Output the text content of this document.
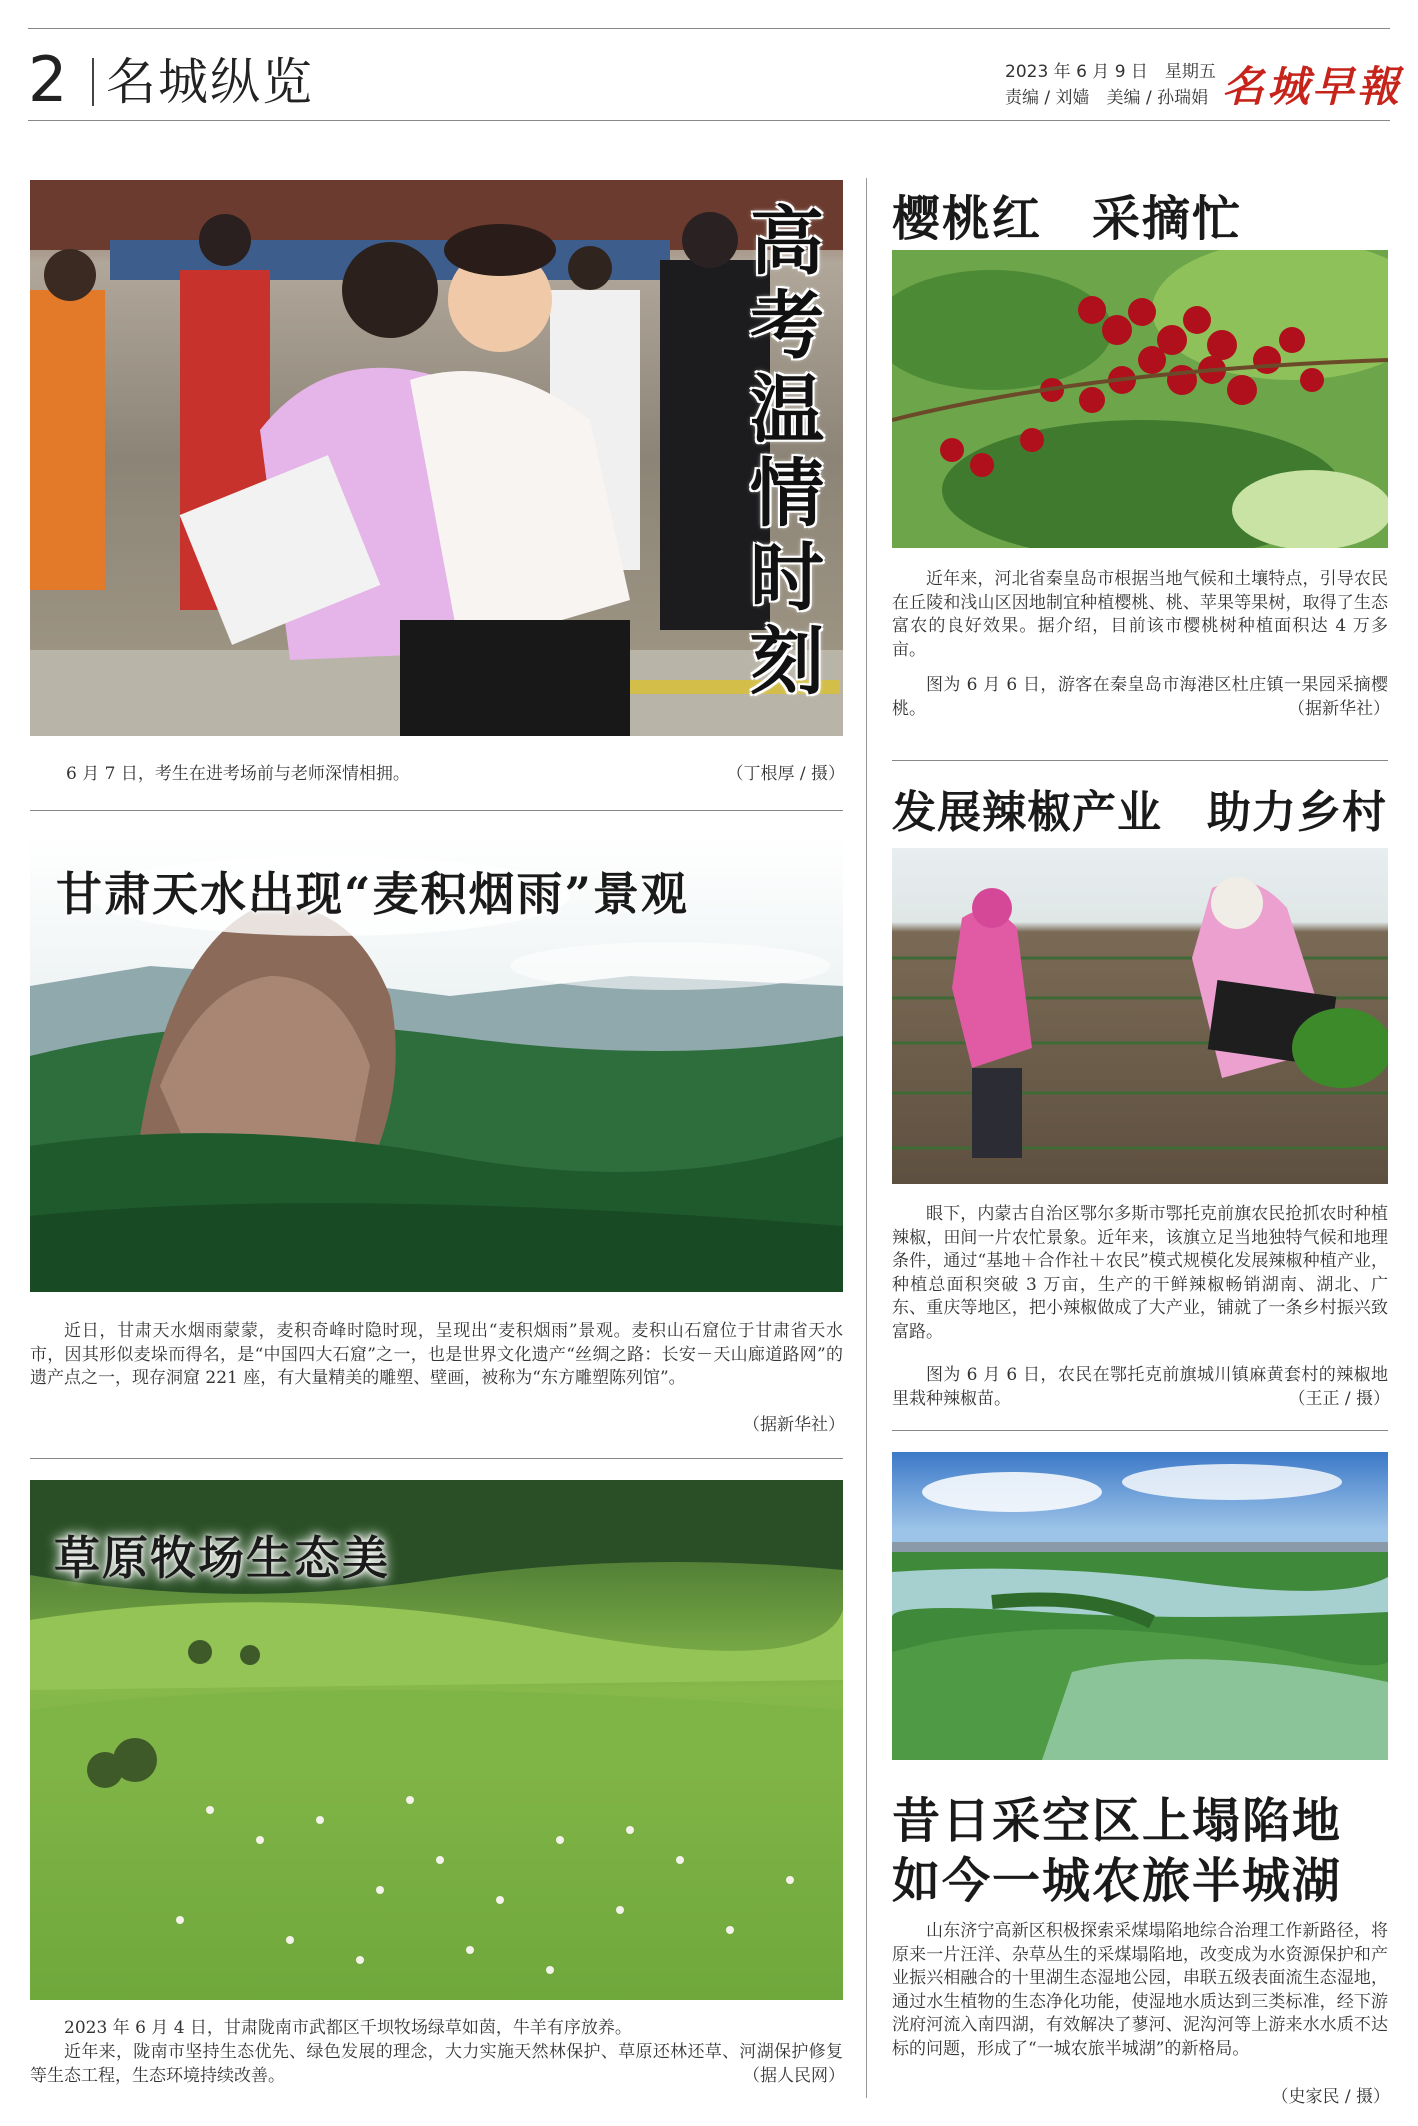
2 名城纵览	2023 年 6 月 9 日　星期五
责编 / 刘嫱　美编 / 孙瑞娟 名城早報
高
考
温
情
时
刻
6 月 7 日，考生在进考场前与老师深情相拥。	（丁根厚 / 摄）
甘肃天水出现“麦积烟雨”景观
近日，甘肃天水烟雨蒙蒙，麦积奇峰时隐时现，呈现出“麦积烟雨”景观。麦积山石窟位于甘肃省天水市，因其形似麦垛而得名，是“中国四大石窟”之一，也是世界文化遗产“丝绸之路：长安－天山廊道路网”的遗产点之一，现存洞窟 221 座，有大量精美的雕塑、壁画，被称为“东方雕塑陈列馆”。
（据新华社）
草原牧场生态美
2023 年 6 月 4 日，甘肃陇南市武都区千坝牧场绿草如茵，牛羊有序放养。
近年来，陇南市坚持生态优先、绿色发展的理念，大力实施天然林保护、草原还林还草、河湖保护修复等生态工程，生态环境持续改善。	（据人民网）
樱桃红　采摘忙
近年来，河北省秦皇岛市根据当地气候和土壤特点，引导农民在丘陵和浅山区因地制宜种植樱桃、桃、苹果等果树，取得了生态富农的良好效果。据介绍，目前该市樱桃树种植面积达 4 万多亩。
图为 6 月 6 日，游客在秦皇岛市海港区杜庄镇一果园采摘樱桃。	（据新华社）
发展辣椒产业　助力乡村
眼下，内蒙古自治区鄂尔多斯市鄂托克前旗农民抢抓农时种植辣椒，田间一片农忙景象。近年来，该旗立足当地独特气候和地理条件，通过“基地＋合作社＋农民”模式规模化发展辣椒种植产业，种植总面积突破 3 万亩，生产的干鲜辣椒畅销湖南、湖北、广东、重庆等地区，把小辣椒做成了大产业，铺就了一条乡村振兴致富路。
图为 6 月 6 日，农民在鄂托克前旗城川镇麻黄套村的辣椒地里栽种辣椒苗。	（王正 / 摄）
昔日采空区上塌陷地
如今一城农旅半城湖
山东济宁高新区积极探索采煤塌陷地综合治理工作新路径，将原来一片汪洋、杂草丛生的采煤塌陷地，改变成为水资源保护和产业振兴相融合的十里湖生态湿地公园，串联五级表面流生态湿地，通过水生植物的生态净化功能，使湿地水质达到三类标准，经下游洸府河流入南四湖，有效解决了蓼河、泥沟河等上游来水水质不达标的问题，形成了“一城农旅半城湖”的新格局。
（史家民 / 摄）
